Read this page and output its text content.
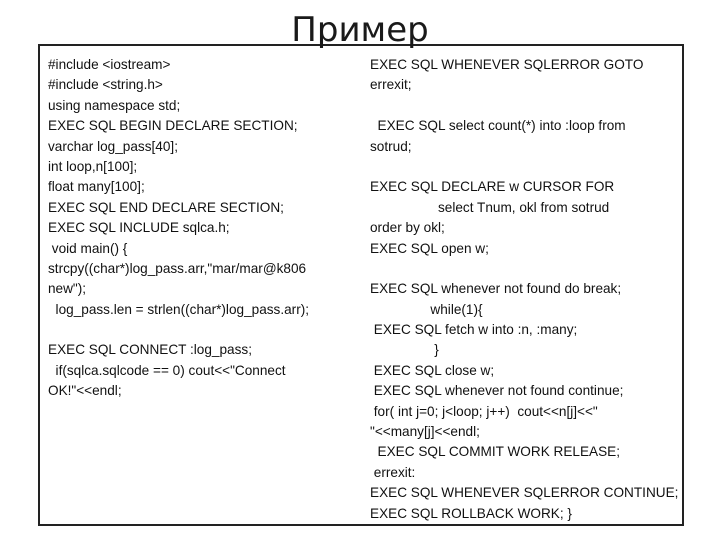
Пример
#include <iostream>
#include <string.h>
using namespace std;
EXEC SQL BEGIN DECLARE SECTION;
varchar log_pass[40];
int loop,n[100];
float many[100];
EXEC SQL END DECLARE SECTION;
EXEC SQL INCLUDE sqlca.h;
void main() {
strcpy((char*)log_pass.arr,"mar/mar@k806
new");
log_pass.len = strlen((char*)log_pass.arr);
EXEC SQL CONNECT :log_pass;
if(sqlca.sqlcode == 0) cout<<"Connect
OK!"<<endl;
EXEC SQL WHENEVER SQLERROR GOTO
errexit;
EXEC SQL select count(*) into :loop from
sotrud;
EXEC SQL DECLARE w CURSOR FOR
select Tnum, okl from sotrud
order by okl;
EXEC SQL open w;
EXEC SQL whenever not found do break;
while(1){
EXEC SQL fetch w into :n, :many;
}
EXEC SQL close w;
EXEC SQL whenever not found continue;
for( int j=0; j<loop; j++)  cout<<n[j]<<"
"<<many[j]<<endl;
EXEC SQL COMMIT WORK RELEASE;
errexit:
EXEC SQL WHENEVER SQLERROR CONTINUE;
EXEC SQL ROLLBACK WORK; }
